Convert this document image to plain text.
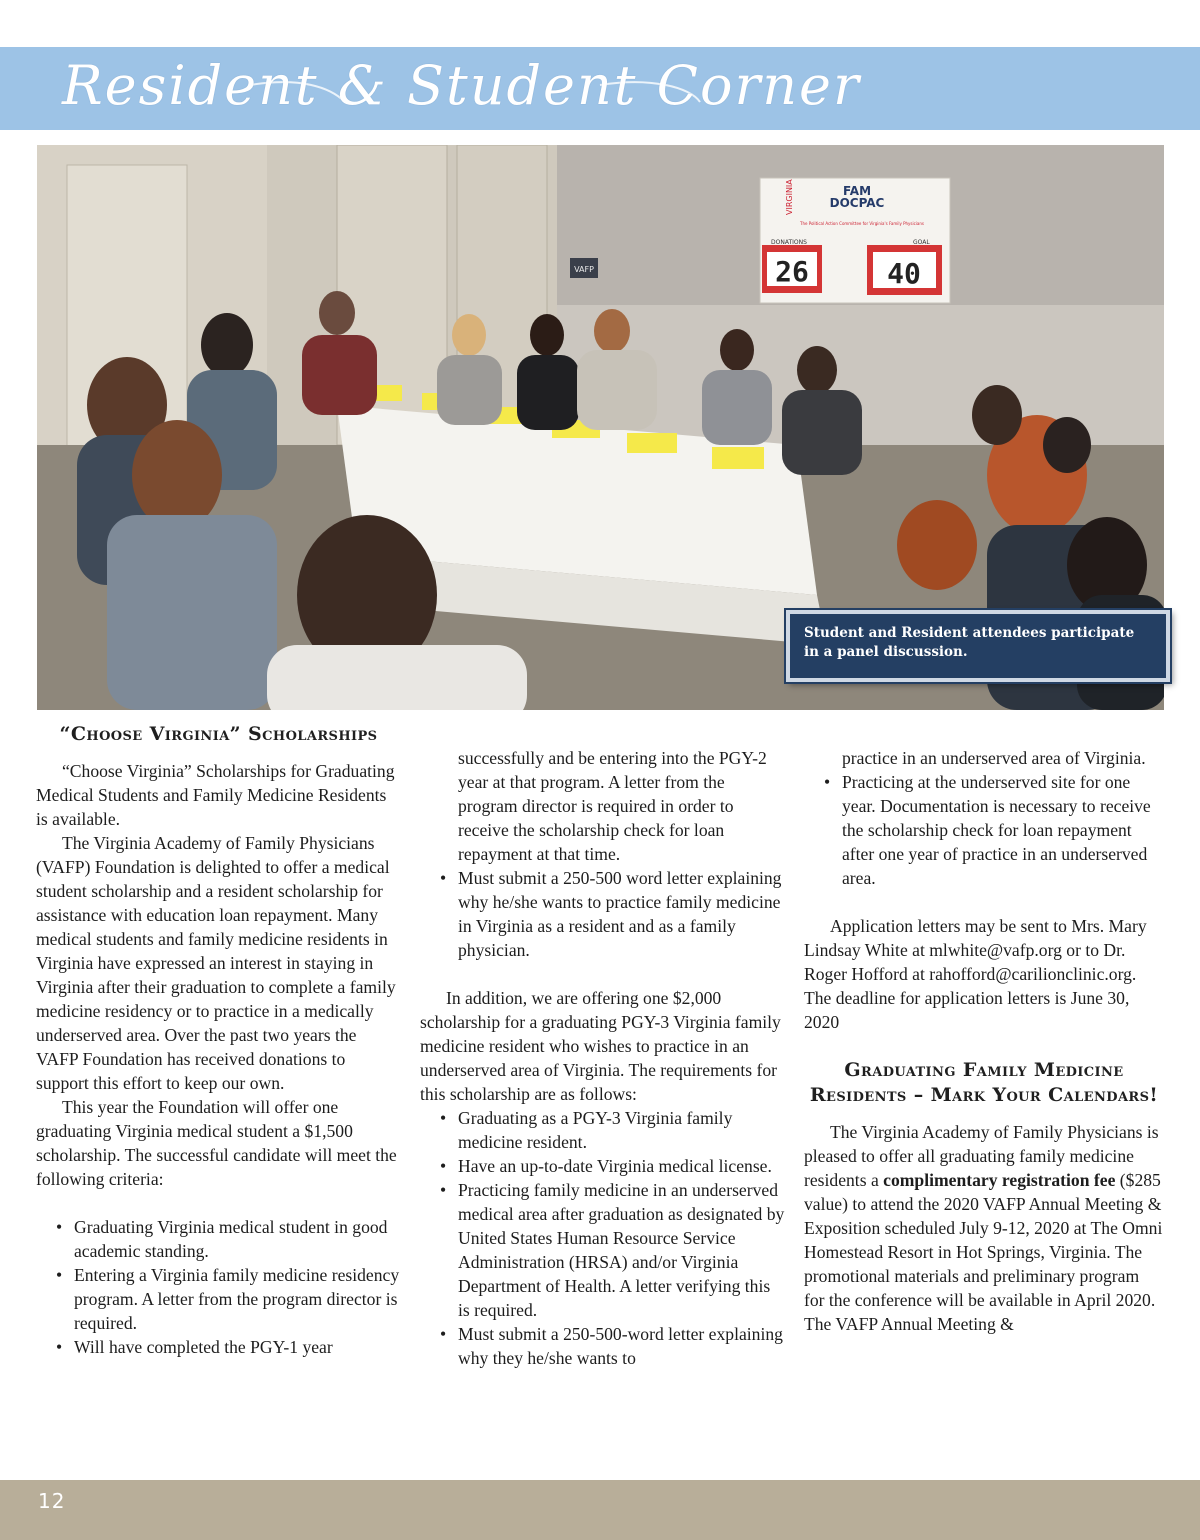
Resident & Student Corner
VIRGINIA	FAM
DOCPAC
The Political Action Committee for Virginia's Family Physicians
DONATIONS	GOAL
26	40
VAFP
Student and Resident attendees participate in a panel discussion.
“Choose Virginia” Scholarships

“Choose Virginia” Scholarships for Graduating Medical Students and Family Medicine Residents is available.

The Virginia Academy of Family Physicians (VAFP) Foundation is delighted to offer a medical student scholarship and a resident scholarship for assistance with education loan repayment. Many medical students and family medicine residents in Virginia have expressed an interest in staying in Virginia after their graduation to complete a family medicine residency or to practice in a medically underserved area. Over the past two years the VAFP Foundation has received donations to support this effort to keep our own.

This year the Foundation will offer one graduating Virginia medical student a $1,500 scholarship. The successful candidate will meet the following criteria:

• Graduating Virginia medical student in good academic standing.
• Entering a Virginia family medicine residency program. A letter from the program director is required.
• Will have completed the PGY-1 year

successfully and be entering into the PGY-2 year at that program. A letter from the program director is required in order to receive the scholarship check for loan repayment at that time.

• Must submit a 250-500 word letter explaining why he/she wants to practice family medicine in Virginia as a resident and as a family physician.

In addition, we are offering one $2,000 scholarship for a graduating PGY-3 Virginia family medicine resident who wishes to practice in an underserved area of Virginia. The requirements for this scholarship are as follows:

• Graduating as a PGY-3 Virginia family medicine resident.
• Have an up-to-date Virginia medical license.
• Practicing family medicine in an underserved medical area after graduation as designated by United States Human Resource Service Administration (HRSA) and/or Virginia Department of Health. A letter verifying this is required.
• Must submit a 250-500-word letter explaining why they he/she wants to

practice in an underserved area of Virginia.

• Practicing at the underserved site for one year. Documentation is necessary to receive the scholarship check for loan repayment after one year of practice in an underserved area.

Application letters may be sent to Mrs. Mary Lindsay White at mlwhite@vafp.org or to Dr. Roger Hofford at rahofford@carilionclinic.org. The deadline for application letters is June 30, 2020

Graduating Family Medicine Residents – Mark Your Calendars!

The Virginia Academy of Family Physicians is pleased to offer all graduating family medicine residents a complimentary registration fee ($285 value) to attend the 2020 VAFP Annual Meeting & Exposition scheduled July 9-12, 2020 at The Omni Homestead Resort in Hot Springs, Virginia. The promotional materials and preliminary program for the conference will be available in April 2020. The VAFP Annual Meeting &

12
